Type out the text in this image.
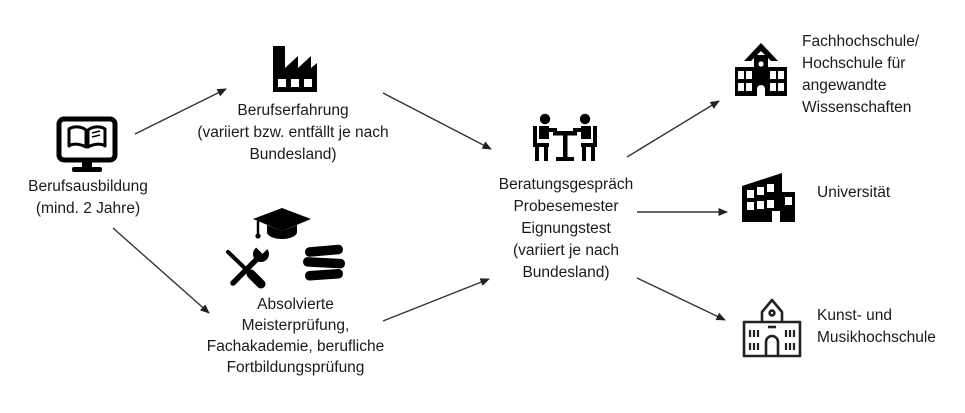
Berufsausbildung
(mind. 2 Jahre)
Berufserfahrung
(variiert bzw. entfällt je nach
Bundesland)
Absolvierte
Meisterprüfung,
Fachakademie, berufliche
Fortbildungsprüfung
Beratungsgespräch
Probesemester
Eignungstest
(variiert je nach
Bundesland)
Fachhochschule/
Hochschule für
angewandte
Wissenschaften
Universität
Kunst- und
Musikhochschule
